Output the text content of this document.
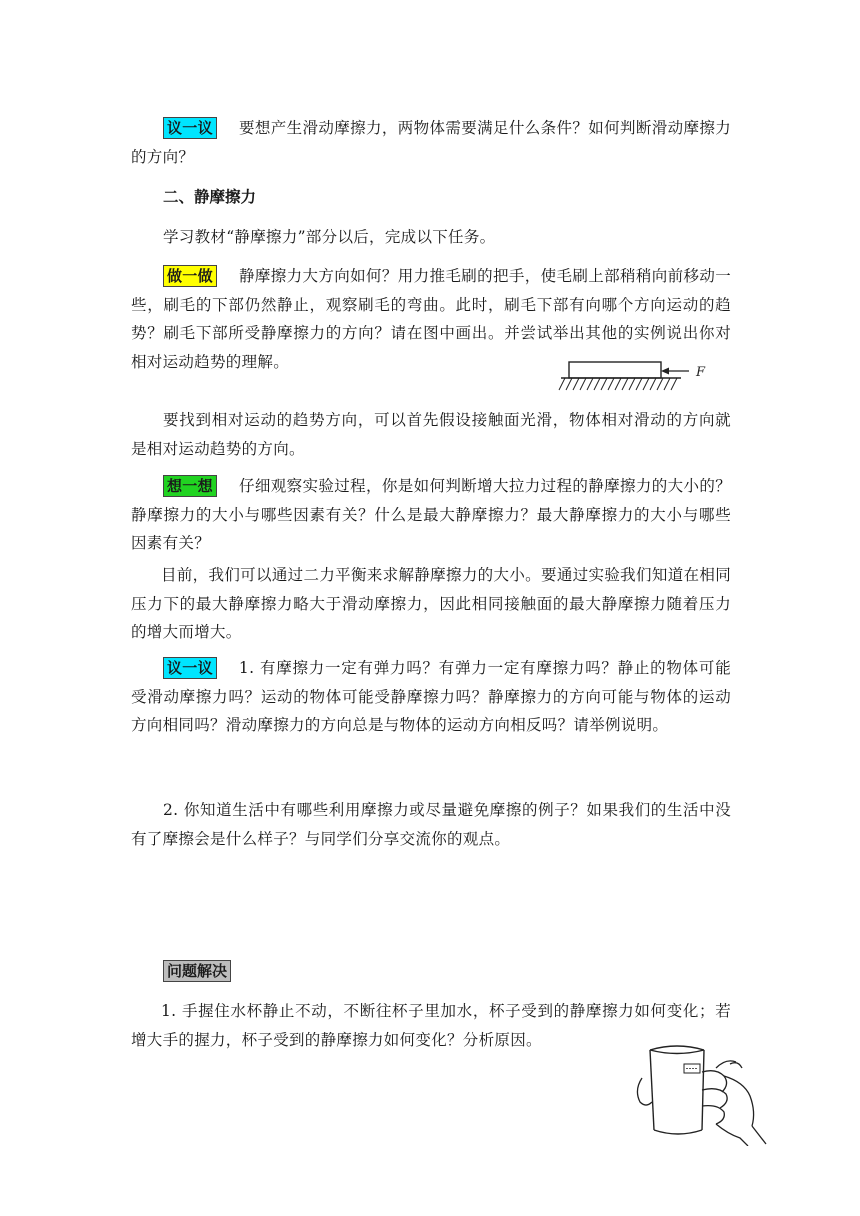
议一议 要想产生滑动摩擦力，两物体需要满足什么条件？如何判断滑动摩擦力的方向？
二、静摩擦力
学习教材“静摩擦力”部分以后，完成以下任务。
做一做 静摩擦力大方向如何？用力推毛刷的把手，使毛刷上部稍稍向前移动一些，刷毛的下部仍然静止，观察刷毛的弯曲。此时，刷毛下部有向哪个方向运动的趋势？刷毛下部所受静摩擦力的方向？请在图中画出。并尝试举出其他的实例说出你对相对运动趋势的理解。
F
要找到相对运动的趋势方向，可以首先假设接触面光滑，物体相对滑动的方向就是相对运动趋势的方向。
想一想 仔细观察实验过程，你是如何判断增大拉力过程的静摩擦力的大小的？静摩擦力的大小与哪些因素有关？什么是最大静摩擦力？最大静摩擦力的大小与哪些因素有关？
目前，我们可以通过二力平衡来求解静摩擦力的大小。要通过实验我们知道在相同压力下的最大静摩擦力略大于滑动摩擦力，因此相同接触面的最大静摩擦力随着压力的增大而增大。
议一议 1. 有摩擦力一定有弹力吗？有弹力一定有摩擦力吗？静止的物体可能受滑动摩擦力吗？运动的物体可能受静摩擦力吗？静摩擦力的方向可能与物体的运动方向相同吗？滑动摩擦力的方向总是与物体的运动方向相反吗？请举例说明。
2. 你知道生活中有哪些利用摩擦力或尽量避免摩擦的例子？如果我们的生活中没有了摩擦会是什么样子？与同学们分享交流你的观点。
问题解决
1. 手握住水杯静止不动，不断往杯子里加水，杯子受到的静摩擦力如何变化；若增大手的握力，杯子受到的静摩擦力如何变化？分析原因。
